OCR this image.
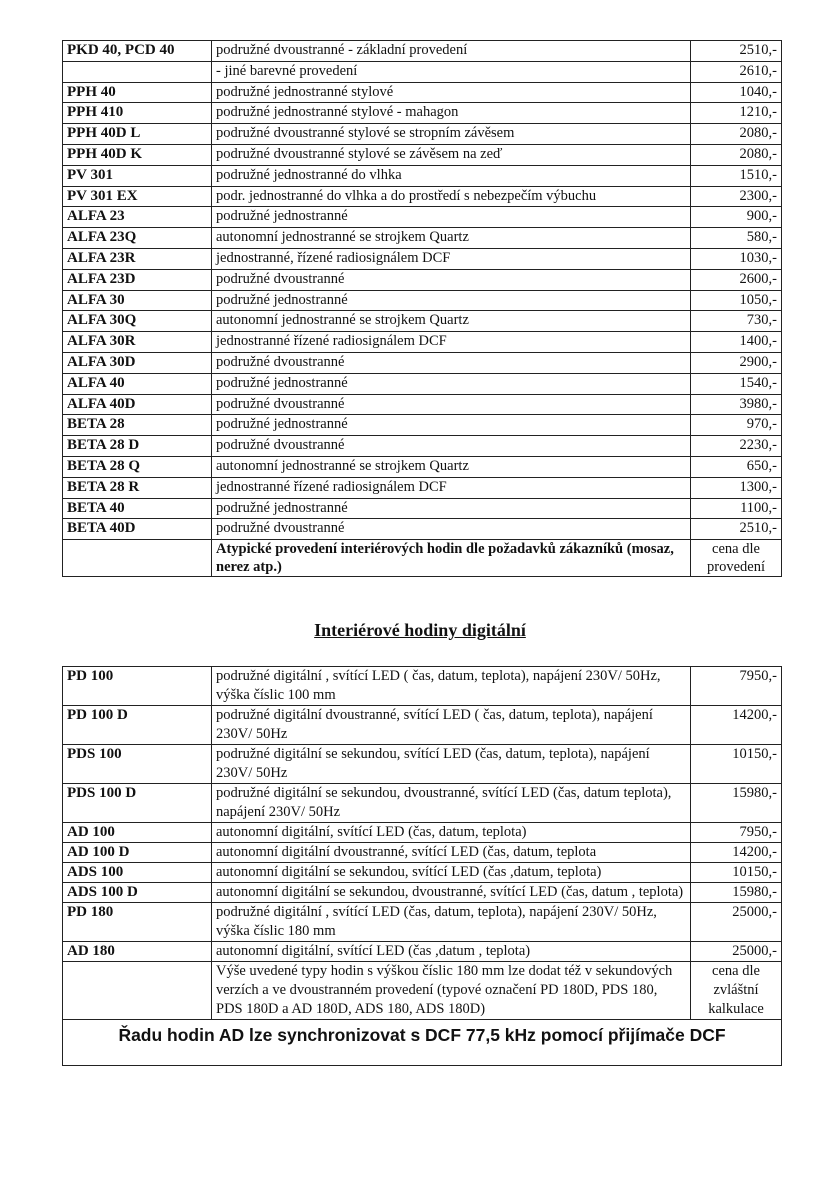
PKD 40, PCD 40	podružné dvoustranné - základní provedení	2510,-
	- jiné barevné provedení	2610,-
PPH 40	podružné jednostranné stylové	1040,-
PPH 410	podružné jednostranné stylové - mahagon	1210,-
PPH 40D L	podružné dvoustranné stylové se stropním závěsem	2080,-
PPH 40D K	podružné dvoustranné stylové se závěsem na zeď	2080,-
PV 301	podružné jednostranné do vlhka	1510,-
PV 301 EX	podr. jednostranné do vlhka a do prostředí s nebezpečím výbuchu	2300,-
ALFA 23	podružné jednostranné	900,-
ALFA 23Q	autonomní jednostranné se strojkem Quartz	580,-
ALFA 23R	jednostranné, řízené radiosignálem DCF	1030,-
ALFA 23D	podružné dvoustranné	2600,-
ALFA 30	podružné jednostranné	1050,-
ALFA 30Q	autonomní jednostranné se strojkem Quartz	730,-
ALFA 30R	jednostranné řízené radiosignálem DCF	1400,-
ALFA 30D	podružné dvoustranné	2900,-
ALFA 40	podružné jednostranné	1540,-
ALFA 40D	podružné dvoustranné	3980,-
BETA 28	podružné jednostranné	970,-
BETA 28 D	podružné dvoustranné	2230,-
BETA 28 Q	autonomní jednostranné se strojkem Quartz	650,-
BETA 28 R	jednostranné řízené radiosignálem DCF	1300,-
BETA 40	podružné jednostranné	1100,-
BETA 40D	podružné dvoustranné	2510,-
	Atypické provedení interiérových hodin dle požadavků zákazníků (mosaz, nerez atp.)	cena dle provedení
Interiérové hodiny digitální
PD 100	podružné digitální , svítící LED ( čas, datum, teplota), napájení 230V/ 50Hz, výška číslic 100 mm	7950,-
PD 100 D	podružné digitální dvoustranné, svítící LED ( čas, datum, teplota), napájení 230V/ 50Hz	14200,-
PDS 100	podružné digitální se sekundou, svítící LED (čas, datum, teplota), napájení 230V/ 50Hz	10150,-
PDS 100 D	podružné digitální se sekundou, dvoustranné, svítící LED (čas, datum teplota), napájení 230V/ 50Hz	15980,-
AD 100	autonomní digitální, svítící LED (čas, datum, teplota)	7950,-
AD 100 D	autonomní digitální dvoustranné, svítící LED (čas, datum, teplota	14200,-
ADS 100	autonomní digitální se sekundou, svítící LED (čas ,datum, teplota)	10150,-
ADS 100 D	autonomní digitální se sekundou, dvoustranné, svítící LED (čas, datum , teplota)	15980,-
PD 180	podružné digitální , svítící LED (čas, datum, teplota), napájení 230V/ 50Hz, výška číslic 180 mm	25000,-
AD 180	autonomní digitální, svítící LED (čas ,datum , teplota)	25000,-
	Výše uvedené typy hodin s výškou číslic 180 mm lze dodat též v sekundových verzích a ve dvoustranném provedení (typové označení PD 180D, PDS 180, PDS 180D a AD 180D, ADS 180, ADS 180D)	cena dle zvláštní kalkulace
Řadu hodin AD lze synchronizovat s DCF 77,5 kHz pomocí přijímače DCF		
